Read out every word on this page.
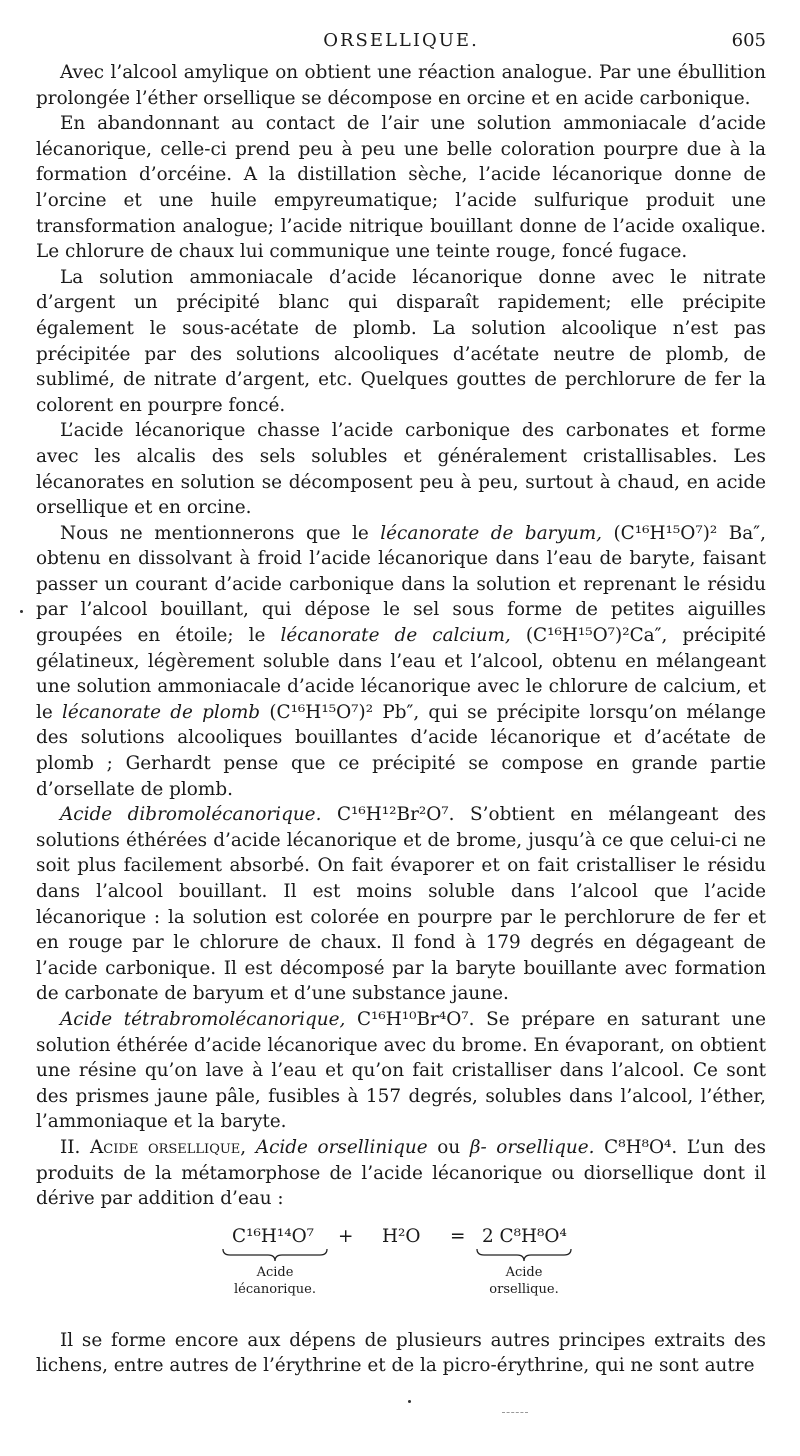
ORSELLIQUE.	605

Avec l’alcool amylique on obtient une réaction analogue. Par une ébullition prolongée l’éther orsellique se décompose en orcine et en acide carbonique.

En abandonnant au contact de l’air une solution ammoniacale d’acide lécanorique, celle-ci prend peu à peu une belle coloration pourpre due à la formation d’orcéine. A la distillation sèche, l’acide lécanorique donne de l’orcine et une huile empyreumatique; l’acide sulfurique produit une transformation analogue; l’acide nitrique bouillant donne de l’acide oxalique. Le chlorure de chaux lui communique une teinte rouge, foncé fugace.

La solution ammoniacale d’acide lécanorique donne avec le nitrate d’argent un précipité blanc qui disparaît rapidement; elle précipite également le sous-acétate de plomb. La solution alcoolique n’est pas précipitée par des solutions alcooliques d’acétate neutre de plomb, de sublimé, de nitrate d’argent, etc. Quelques gouttes de perchlorure de fer la colorent en pourpre foncé.

L’acide lécanorique chasse l’acide carbonique des carbonates et forme avec les alcalis des sels solubles et généralement cristallisables. Les lécanorates en solution se décomposent peu à peu, surtout à chaud, en acide orsellique et en orcine.

Nous ne mentionnerons que le lécanorate de baryum, (C¹⁶H¹⁵O⁷)² Ba″, obtenu en dissolvant à froid l’acide lécanorique dans l’eau de baryte, faisant passer un courant d’acide carbonique dans la solution et reprenant le résidu par l’alcool bouillant, qui dépose le sel sous forme de petites aiguilles groupées en étoile; le lécanorate de calcium, (C¹⁶H¹⁵O⁷)²Ca″, précipité gélatineux, légèrement soluble dans l’eau et l’alcool, obtenu en mélangeant une solution ammoniacale d’acide lécanorique avec le chlorure de calcium, et le lécanorate de plomb (C¹⁶H¹⁵O⁷)² Pb″, qui se précipite lorsqu’on mélange des solutions alcooliques bouillantes d’acide lécanorique et d’acétate de plomb ; Gerhardt pense que ce précipité se compose en grande partie d’orsellate de plomb.

Acide dibromolécanorique. C¹⁶H¹²Br²O⁷. S’obtient en mélangeant des solutions éthérées d’acide lécanorique et de brome, jusqu’à ce que celui-ci ne soit plus facilement absorbé. On fait évaporer et on fait cristalliser le résidu dans l’alcool bouillant. Il est moins soluble dans l’alcool que l’acide lécanorique : la solution est colorée en pourpre par le perchlorure de fer et en rouge par le chlorure de chaux. Il fond à 179 degrés en dégageant de l’acide carbonique. Il est décomposé par la baryte bouillante avec formation de carbonate de baryum et d’une substance jaune.

Acide tétrabromolécanorique, C¹⁶H¹⁰Br⁴O⁷. Se prépare en saturant une solution éthérée d’acide lécanorique avec du brome. En évaporant, on obtient une résine qu’on lave à l’eau et qu’on fait cristalliser dans l’alcool. Ce sont des prismes jaune pâle, fusibles à 157 degrés, solubles dans l’alcool, l’éther, l’ammoniaque et la baryte.

II. Acide orsellique, Acide orsellinique ou β- orsellique. C⁸H⁸O⁴. L’un des produits de la métamorphose de l’acide lécanorique ou diorsellique dont il dérive par addition d’eau :

C¹⁶H¹⁴O⁷ + H²O = 2 C⁸H⁸O⁴
Acide
lécanorique.
Acide
orsellique.

Il se forme encore aux dépens de plusieurs autres principes extraits des lichens, entre autres de l’érythrine et de la picro-érythrine, qui ne sont autre
